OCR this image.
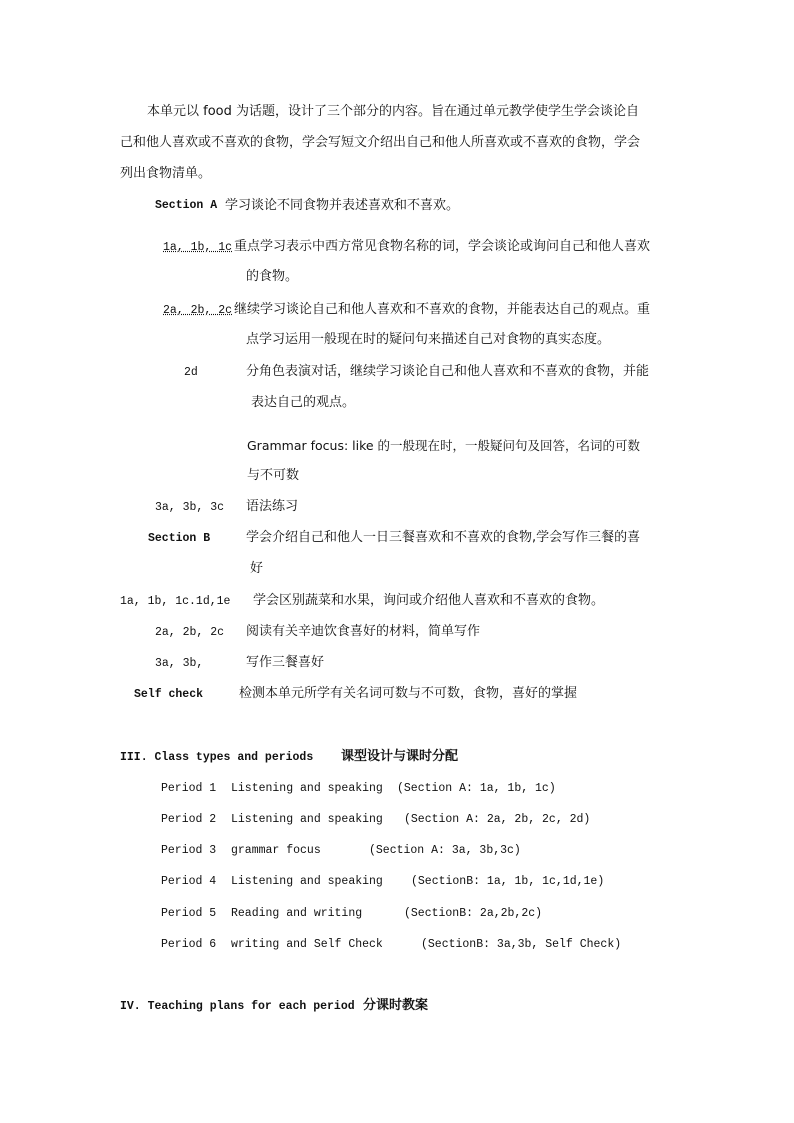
本单元以 food 为话题，设计了三个部分的内容。旨在通过单元教学使学生学会谈论自
己和他人喜欢或不喜欢的食物，学会写短文介绍出自己和他人所喜欢或不喜欢的食物，学会
列出食物清单。
Section A 学习谈论不同食物并表述喜欢和不喜欢。
1a, 1b, 1c 重点学习表示中西方常见食物名称的词，学会谈论或询问自己和他人喜欢
的食物。
2a, 2b, 2c 继续学习谈论自己和他人喜欢和不喜欢的食物，并能表达自己的观点。重
点学习运用一般现在时的疑问句来描述自己对食物的真实态度。
2d	分角色表演对话，继续学习谈论自己和他人喜欢和不喜欢的食物，并能
表达自己的观点。
Grammar focus: like 的一般现在时，一般疑问句及回答，名词的可数
与不可数
3a, 3b, 3c 语法练习
Section B	学会介绍自己和他人一日三餐喜欢和不喜欢的食物,学会写作三餐的喜
好
1a, 1b, 1c.1d,1e 学会区别蔬菜和水果，询问或介绍他人喜欢和不喜欢的食物。
2a, 2b, 2c 阅读有关辛迪饮食喜好的材料，简单写作
3a, 3b,	写作三餐喜好
Self check	检测本单元所学有关名词可数与不可数，食物，喜好的掌握
III. Class types and periods 课型设计与课时分配
Period 1 Listening and speaking (Section A: 1a, 1b, 1c)
Period 2 Listening and speaking (Section A: 2a, 2b, 2c, 2d)
Period 3 grammar focus	(Section A: 3a, 3b,3c)
Period 4 Listening and speaking (SectionB: 1a, 1b, 1c,1d,1e)
Period 5 Reading and writing	(SectionB: 2a,2b,2c)
Period 6 writing and Self Check	(SectionB: 3a,3b, Self Check)
IV. Teaching plans for each period 分课时教案
